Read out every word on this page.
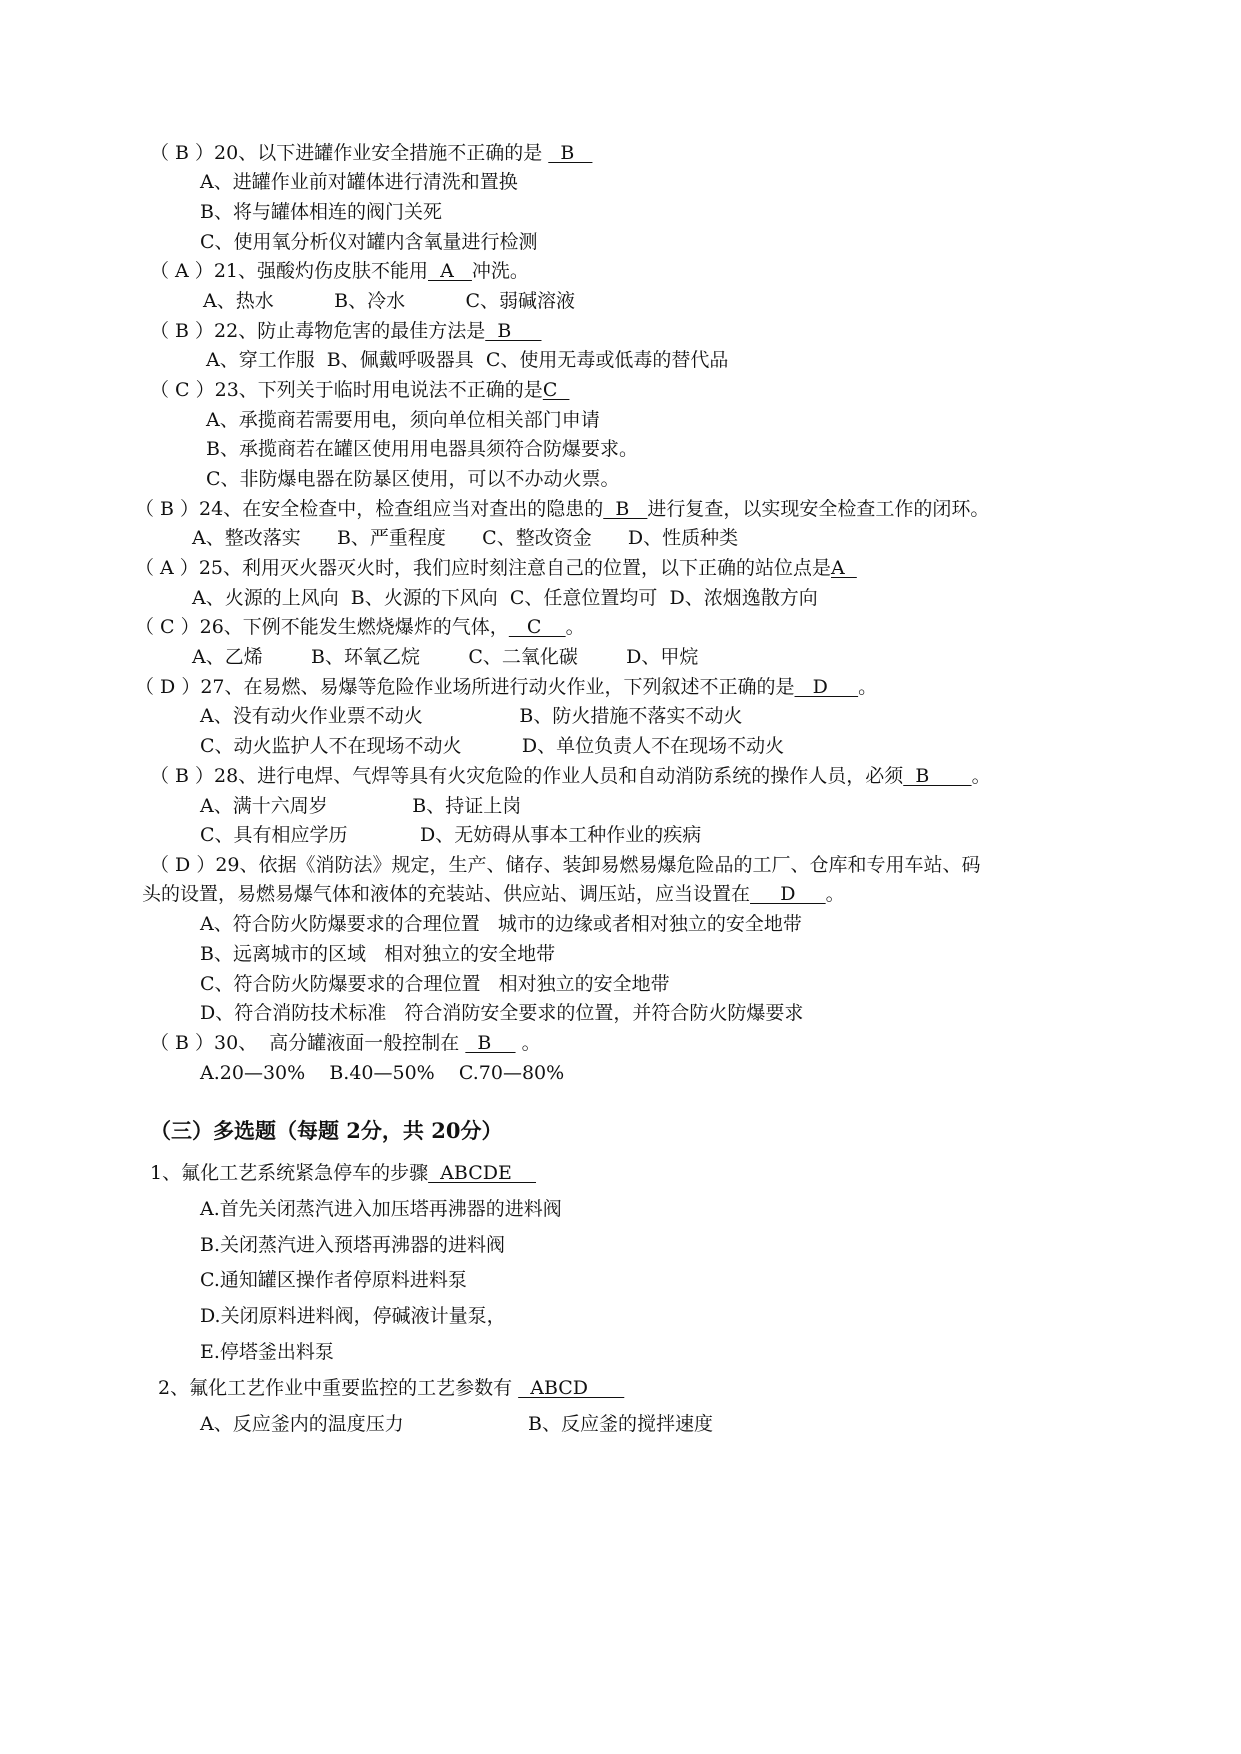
（ B ）20、以下进罐作业安全措施不正确的是   B
A、进罐作业前对罐体进行清洗和置换
B、将与罐体相连的阀门关死
C、使用氧分析仪对罐内含氧量进行检测
（ A ）21、强酸灼伤皮肤不能用  A   冲洗。
A、热水          B、冷水          C、弱碱溶液
（ B ）22、防止毒物危害的最佳方法是  B
A、穿工作服  B、佩戴呼吸器具  C、使用无毒或低毒的替代品
（ C ）23、下列关于临时用电说法不正确的是C
A、承揽商若需要用电，须向单位相关部门申请
B、承揽商若在罐区使用用电器具须符合防爆要求。
C、非防爆电器在防暴区使用，可以不办动火票。
（ B ）24、在安全检查中，检查组应当对查出的隐患的  B   进行复查，以实现安全检查工作的闭环。
A、整改落实      B、严重程度      C、整改资金      D、性质种类
（ A ）25、利用灭火器灭火时，我们应时刻注意自己的位置，以下正确的站位点是A
A、火源的上风向  B、火源的下风向  C、任意位置均可  D、浓烟逸散方向
（ C ）26、下例不能发生燃烧爆炸的气体，   C    。
A、乙烯        B、环氧乙烷        C、二氧化碳        D、甲烷
（ D ）27、在易燃、易爆等危险作业场所进行动火作业，下列叙述不正确的是   D     。
A、没有动火作业票不动火                B、防火措施不落实不动火
C、动火监护人不在现场不动火          D、单位负责人不在现场不动火
（ B ）28、进行电焊、气焊等具有火灾危险的作业人员和自动消防系统的操作人员，必须  B       。
A、满十六周岁              B、持证上岗
C、具有相应学历            D、无妨碍从事本工种作业的疾病
（ D ）29、依据《消防法》规定，生产、储存、装卸易燃易爆危险品的工厂、仓库和专用车站、码
头的设置，易燃易爆气体和液体的充装站、供应站、调压站，应当设置在     D     。
A、符合防火防爆要求的合理位置   城市的边缘或者相对独立的安全地带
B、远离城市的区域   相对独立的安全地带
C、符合防火防爆要求的合理位置   相对独立的安全地带
D、符合消防技术标准   符合消防安全要求的位置，并符合防火防爆要求
（ B ）30、  高分罐液面一般控制在   B     。
A.20—30%    B.40—50%    C.70—80%
（三）多选题（每题 2分，共 20分）
1、氟化工艺系统紧急停车的步骤  ABCDE
A.首先关闭蒸汽进入加压塔再沸器的进料阀
B.关闭蒸汽进入预塔再沸器的进料阀
C.通知罐区操作者停原料进料泵
D.关闭原料进料阀，停碱液计量泵，
E.停塔釜出料泵
2、氟化工艺作业中重要监控的工艺参数有   ABCD
A、反应釜内的温度压力	B、反应釜的搅拌速度
